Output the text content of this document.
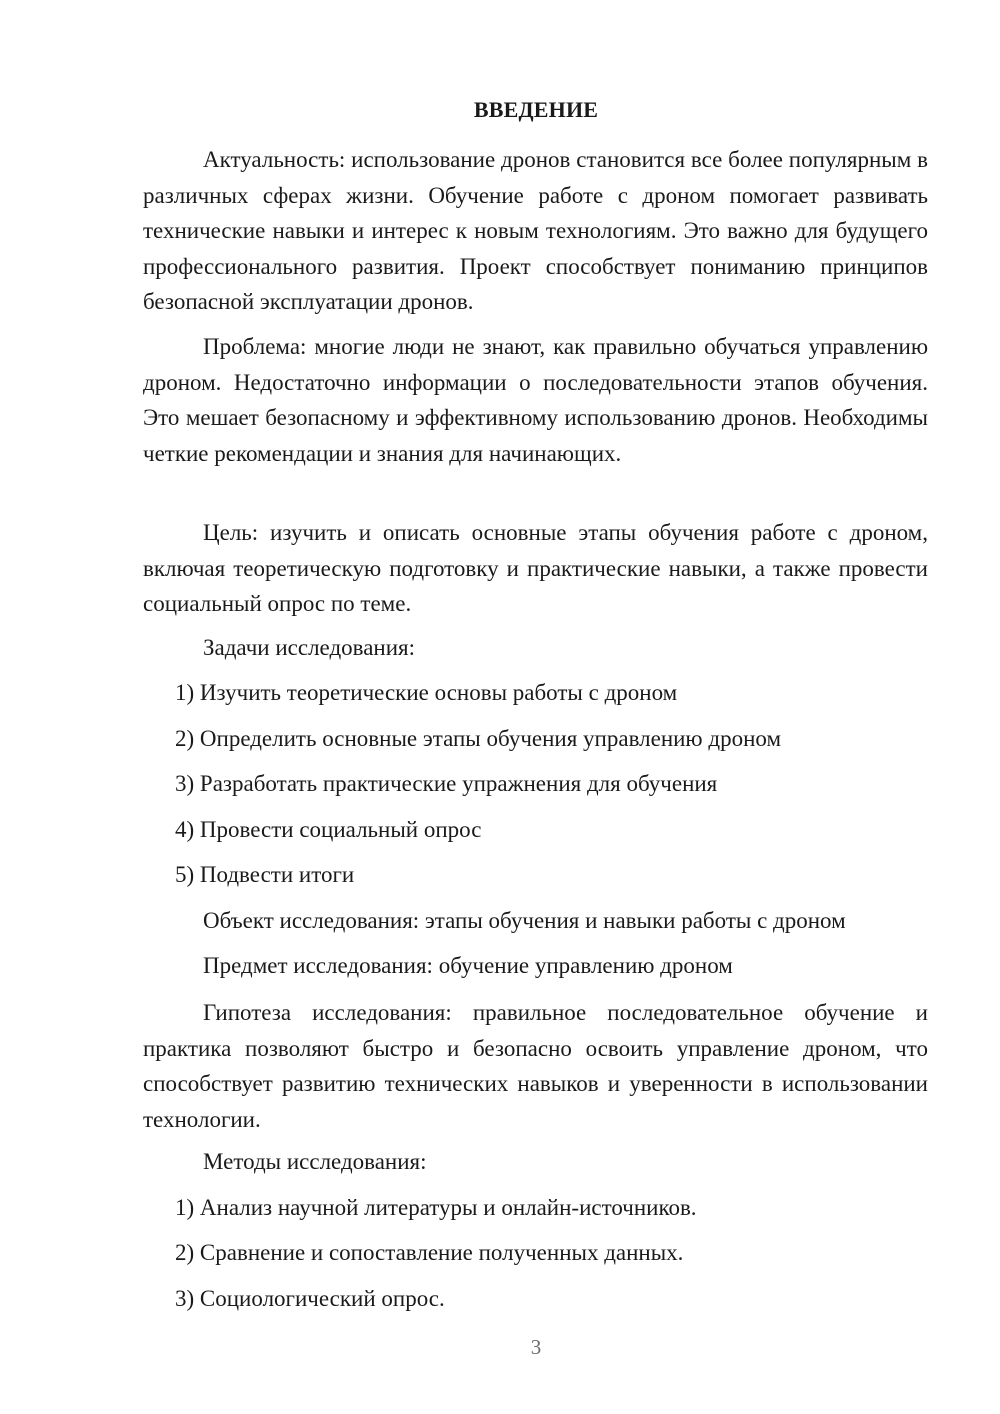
ВВЕДЕНИЕ

Актуальность: использование дронов становится все более популярным в различных сферах жизни. Обучение работе с дроном помогает развивать технические навыки и интерес к новым технологиям. Это важно для будущего профессионального развития. Проект способствует пониманию принципов безопасной эксплуатации дронов.

Проблема: многие люди не знают, как правильно обучаться управлению дроном. Недостаточно информации о последовательности этапов обучения. Это мешает безопасному и эффективному использованию дронов. Необходимы четкие рекомендации и знания для начинающих.

Цель: изучить и описать основные этапы обучения работе с дроном, включая теоретическую подготовку и практические навыки, а также провести социальный опрос по теме.

Задачи исследования:

1) Изучить теоретические основы работы с дроном

2) Определить основные этапы обучения управлению дроном

3) Разработать практические упражнения для обучения

4) Провести социальный опрос

5) Подвести итоги

Объект исследования: этапы обучения и навыки работы с дроном

Предмет исследования: обучение управлению дроном

Гипотеза исследования: правильное последовательное обучение и практика позволяют быстро и безопасно освоить управление дроном, что способствует развитию технических навыков и уверенности в использовании технологии.

Методы исследования:

1) Анализ научной литературы и онлайн-источников.

2) Сравнение и сопоставление полученных данных.

3) Социологический опрос.

3
